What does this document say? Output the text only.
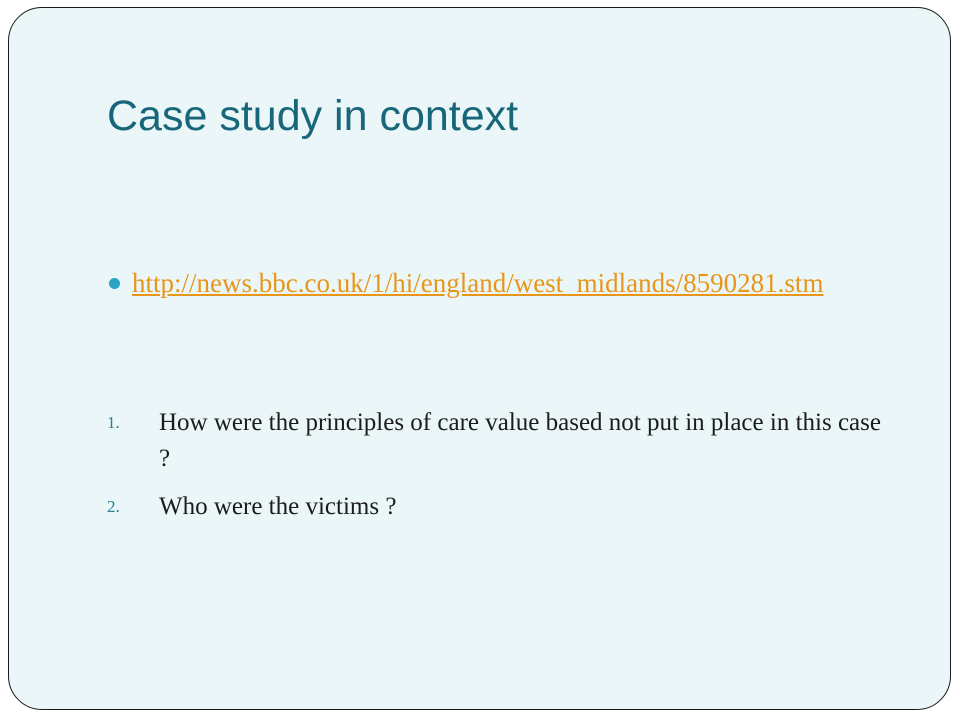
Case study in context
http://news.bbc.co.uk/1/hi/england/west_midlands/8590281.stm
1. How were the principles of care value based not put in place in this case ?
2. Who were the victims ?
